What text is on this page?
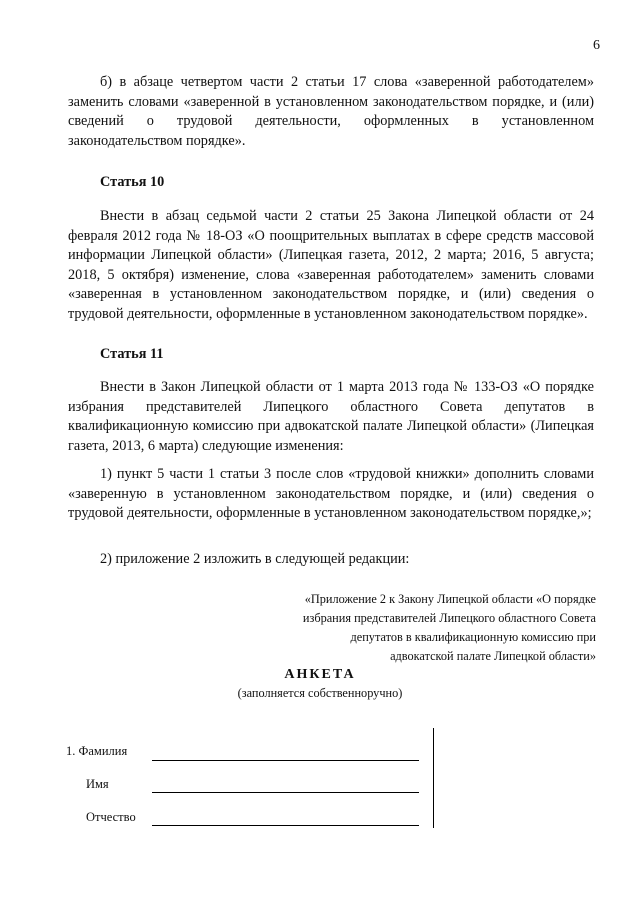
6

б) в абзаце четвертом части 2 статьи 17 слова «заверенной работодателем» заменить словами «заверенной в установленном законодательством порядке, и (или) сведений о трудовой деятельности, оформленных в установленном законодательством порядке».

Статья 10

Внести в абзац седьмой части 2 статьи 25 Закона Липецкой области от 24 февраля 2012 года № 18-ОЗ «О поощрительных выплатах в сфере средств массовой информации Липецкой области» (Липецкая газета, 2012, 2 марта; 2016, 5 августа; 2018, 5 октября) изменение, слова «заверенная работодателем» заменить словами «заверенная в установленном законодательством порядке, и (или) сведения о трудовой деятельности, оформленные в установленном законодательством порядке».

Статья 11

Внести в Закон Липецкой области от 1 марта 2013 года № 133-ОЗ «О порядке избрания представителей Липецкого областного Совета депутатов в квалификационную комиссию при адвокатской палате Липецкой области» (Липецкая газета, 2013, 6 марта) следующие изменения:

1) пункт 5 части 1 статьи 3 после слов «трудовой книжки» дополнить словами «заверенную в установленном законодательством порядке, и (или) сведения о трудовой деятельности, оформленные в установленном законодательством порядке,»;

2) приложение 2 изложить в следующей редакции:

«Приложение 2 к Закону Липецкой области «О порядке
избрания представителей Липецкого областного Совета
депутатов в квалификационную комиссию при
адвокатской палате Липецкой области»
АНКЕТА
(заполняется собственноручно)
1. Фамилия
Имя
Отчество
